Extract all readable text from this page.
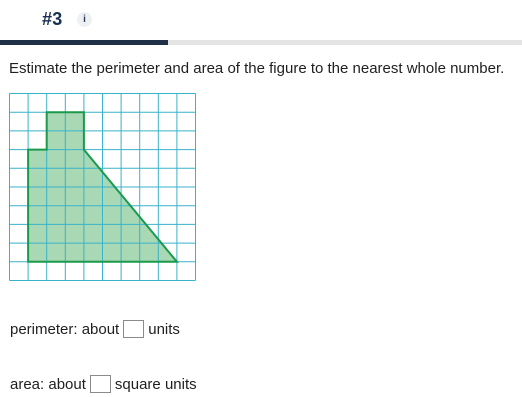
#3	i
Estimate the perimeter and area of the figure to the nearest whole number.
perimeter: about units
area: about square units
